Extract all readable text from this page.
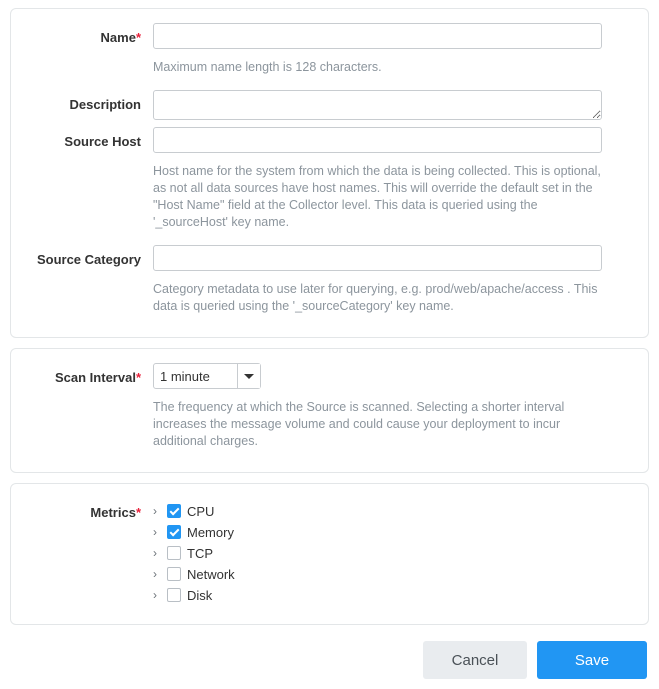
Name*
Maximum name length is 128 characters.
Description
Source Host
Host name for the system from which the data is being collected. This is optional, as not all data sources have host names. This will override the default set in the "Host Name" field at the Collector level. This data is queried using the '_sourceHost' key name.
Source Category
Category metadata to use later for querying, e.g. prod/web/apache/access . This data is queried using the '_sourceCategory' key name.
Scan Interval*
1 minute
The frequency at which the Source is scanned. Selecting a shorter interval increases the message volume and could cause your deployment to incur additional charges.
Metrics*	›	CPU
›	Memory
›	TCP
›	Network
›	Disk
Cancel	Save
